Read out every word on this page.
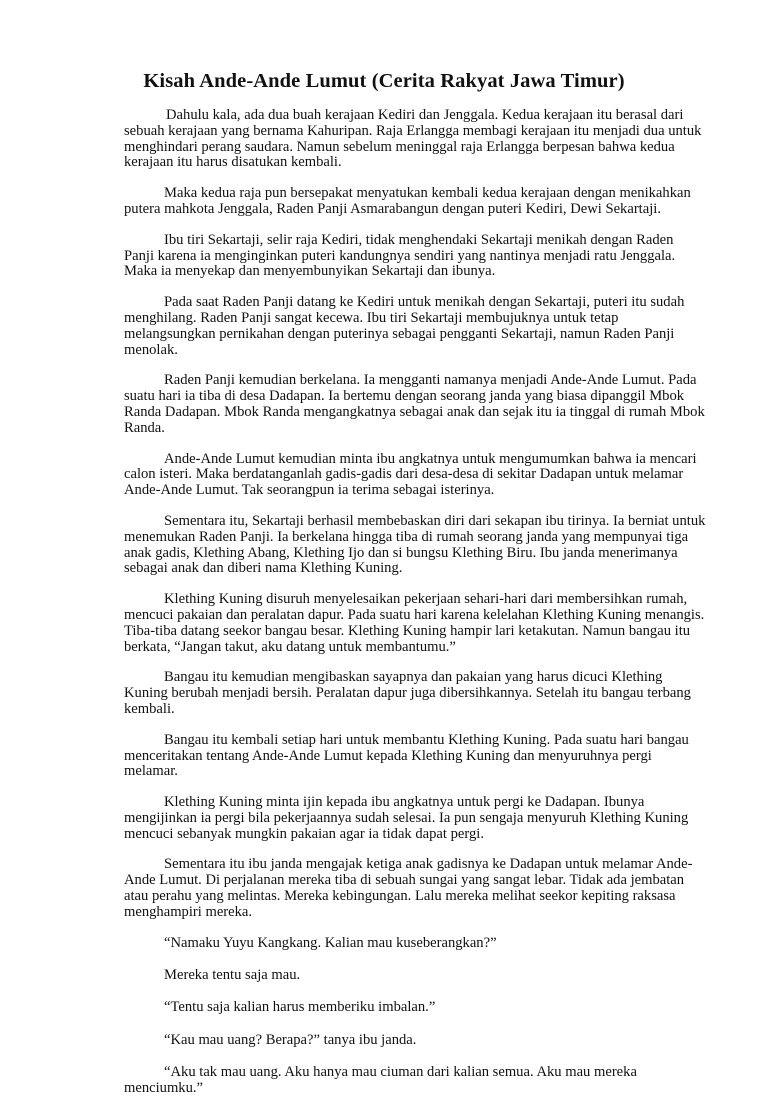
Kisah Ande-Ande Lumut (Cerita Rakyat Jawa Timur)

Dahulu kala, ada dua buah kerajaan Kediri dan Jenggala. Kedua kerajaan itu berasal dari sebuah kerajaan yang bernama Kahuripan. Raja Erlangga membagi kerajaan itu menjadi dua untuk menghindari perang saudara. Namun sebelum meninggal raja Erlangga berpesan bahwa kedua kerajaan itu harus disatukan kembali.

Maka kedua raja pun bersepakat menyatukan kembali kedua kerajaan dengan menikahkan putera mahkota Jenggala, Raden Panji Asmarabangun dengan puteri Kediri, Dewi Sekartaji.

Ibu tiri Sekartaji, selir raja Kediri, tidak menghendaki Sekartaji menikah dengan Raden Panji karena ia menginginkan puteri kandungnya sendiri yang nantinya menjadi ratu Jenggala. Maka ia menyekap dan menyembunyikan Sekartaji dan ibunya.

Pada saat Raden Panji datang ke Kediri untuk menikah dengan Sekartaji, puteri itu sudah menghilang. Raden Panji sangat kecewa. Ibu tiri Sekartaji membujuknya untuk tetap melangsungkan pernikahan dengan puterinya sebagai pengganti Sekartaji, namun Raden Panji menolak.

Raden Panji kemudian berkelana. Ia mengganti namanya menjadi Ande-Ande Lumut. Pada suatu hari ia tiba di desa Dadapan. Ia bertemu dengan seorang janda yang biasa dipanggil Mbok Randa Dadapan. Mbok Randa mengangkatnya sebagai anak dan sejak itu ia tinggal di rumah Mbok Randa.

Ande-Ande Lumut kemudian minta ibu angkatnya untuk mengumumkan bahwa ia mencari calon isteri. Maka berdatanganlah gadis-gadis dari desa-desa di sekitar Dadapan untuk melamar Ande-Ande Lumut. Tak seorangpun ia terima sebagai isterinya.

Sementara itu, Sekartaji berhasil membebaskan diri dari sekapan ibu tirinya. Ia berniat untuk menemukan Raden Panji. Ia berkelana hingga tiba di rumah seorang janda yang mempunyai tiga anak gadis, Klething Abang, Klething Ijo dan si bungsu Klething Biru. Ibu janda menerimanya sebagai anak dan diberi nama Klething Kuning.

Klething Kuning disuruh menyelesaikan pekerjaan sehari-hari dari membersihkan rumah, mencuci pakaian dan peralatan dapur. Pada suatu hari karena kelelahan Klething Kuning menangis. Tiba-tiba datang seekor bangau besar. Klething Kuning hampir lari ketakutan. Namun bangau itu berkata, “Jangan takut, aku datang untuk membantumu.”

Bangau itu kemudian mengibaskan sayapnya dan pakaian yang harus dicuci Klething Kuning berubah menjadi bersih. Peralatan dapur juga dibersihkannya. Setelah itu bangau terbang kembali.

Bangau itu kembali setiap hari untuk membantu Klething Kuning. Pada suatu hari bangau menceritakan tentang Ande-Ande Lumut kepada Klething Kuning dan menyuruhnya pergi melamar.

Klething Kuning minta ijin kepada ibu angkatnya untuk pergi ke Dadapan. Ibunya mengijinkan ia pergi bila pekerjaannya sudah selesai. Ia pun sengaja menyuruh Klething Kuning mencuci sebanyak mungkin pakaian agar ia tidak dapat pergi.

Sementara itu ibu janda mengajak ketiga anak gadisnya ke Dadapan untuk melamar Ande-Ande Lumut. Di perjalanan mereka tiba di sebuah sungai yang sangat lebar. Tidak ada jembatan atau perahu yang melintas. Mereka kebingungan. Lalu mereka melihat seekor kepiting raksasa menghampiri mereka.

“Namaku Yuyu Kangkang. Kalian mau kuseberangkan?”

Mereka tentu saja mau.

“Tentu saja kalian harus memberiku imbalan.”

“Kau mau uang? Berapa?” tanya ibu janda.

“Aku tak mau uang. Aku hanya mau ciuman dari kalian semua. Aku mau mereka menciumku.”
